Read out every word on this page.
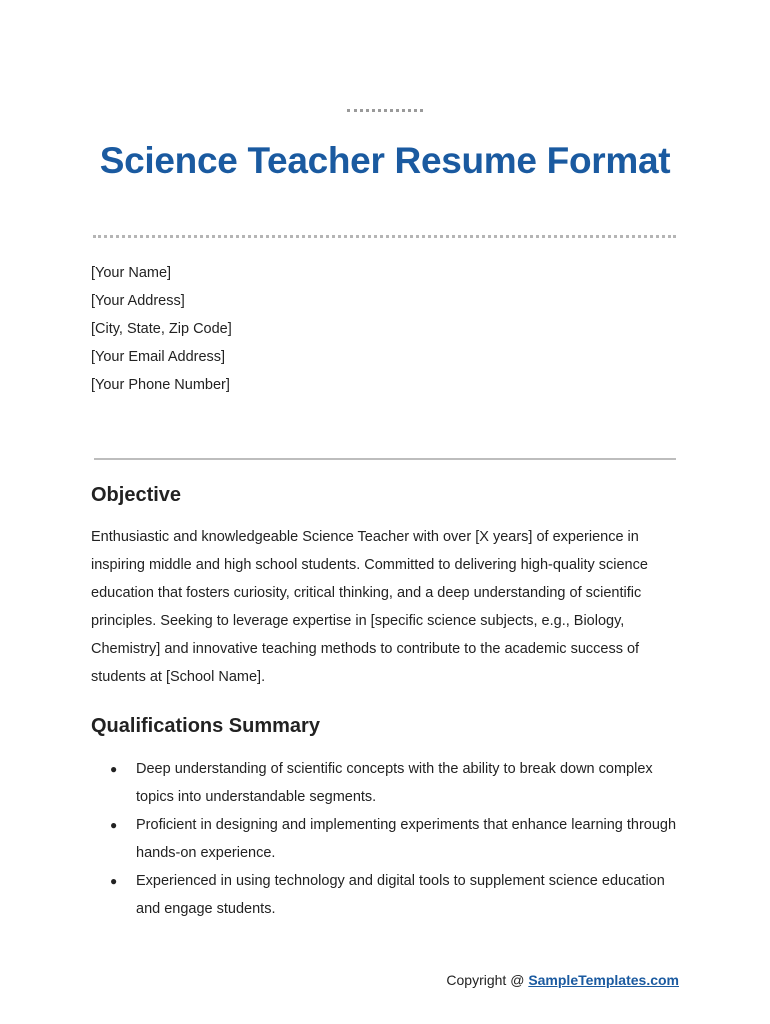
Science Teacher Resume Format
[Your Name]
[Your Address]
[City, State, Zip Code]
[Your Email Address]
[Your Phone Number]
Objective
Enthusiastic and knowledgeable Science Teacher with over [X years] of experience in inspiring middle and high school students. Committed to delivering high-quality science education that fosters curiosity, critical thinking, and a deep understanding of scientific principles. Seeking to leverage expertise in [specific science subjects, e.g., Biology, Chemistry] and innovative teaching methods to contribute to the academic success of students at [School Name].
Qualifications Summary
● Deep understanding of scientific concepts with the ability to break down complex topics into understandable segments.
● Proficient in designing and implementing experiments that enhance learning through hands-on experience.
● Experienced in using technology and digital tools to supplement science education and engage students.
Copyright @ SampleTemplates.com
